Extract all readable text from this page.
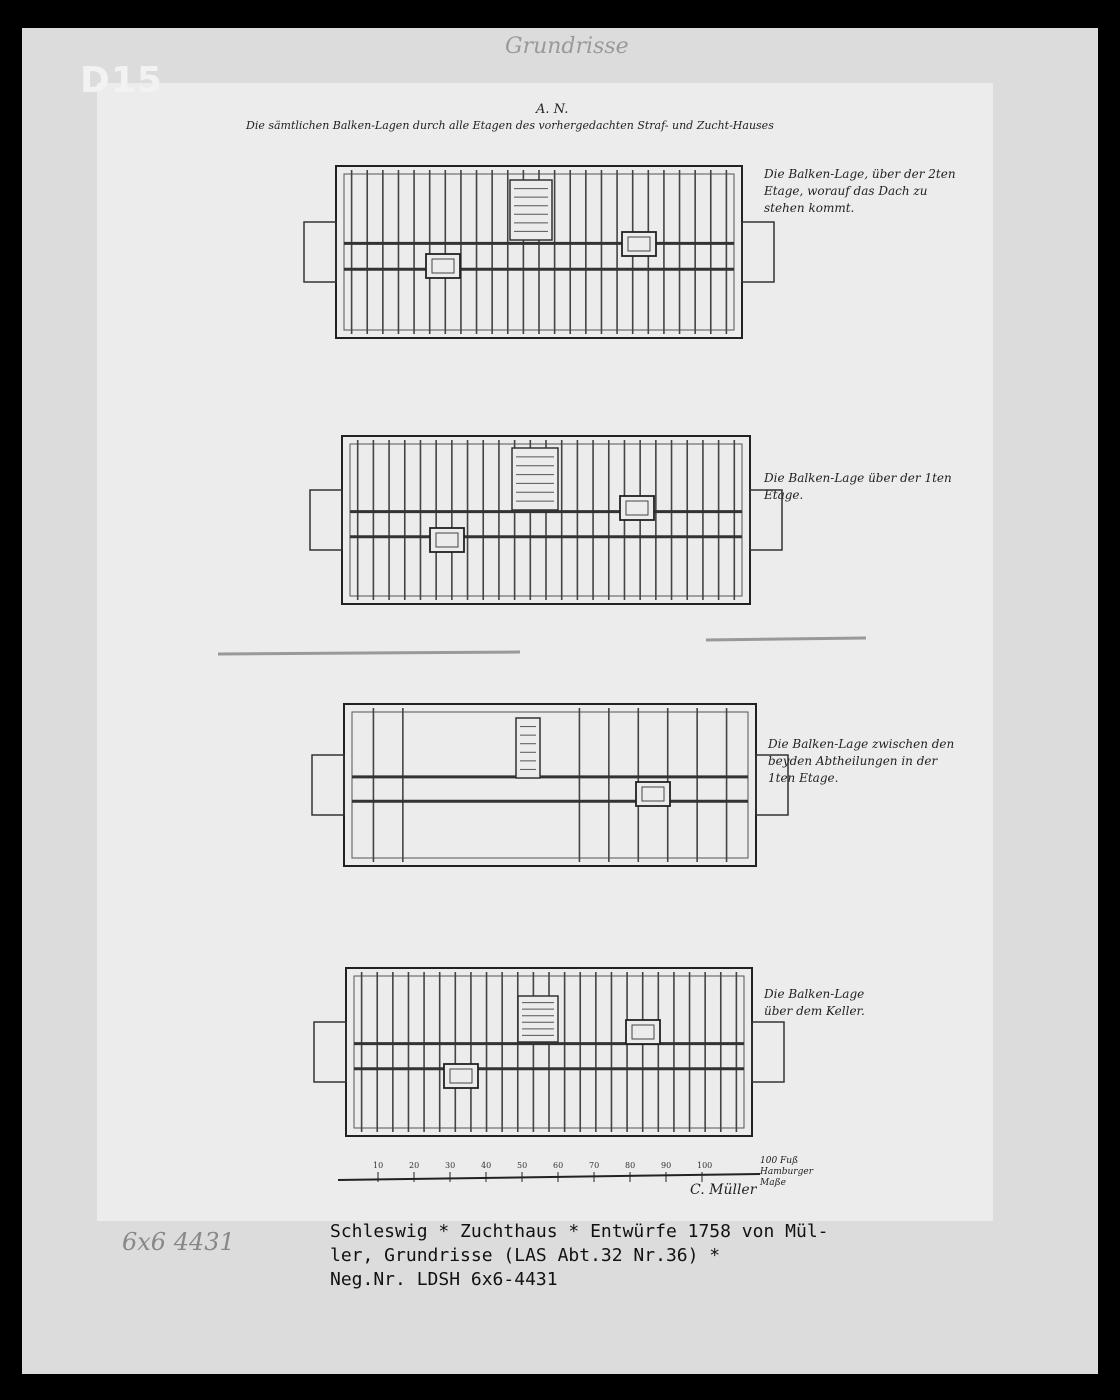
D15
Grundrisse
6x6 4431
A. N.
Die sämtlichen Balken-Lagen durch alle Etagen des vorhergedachten Straf- und Zucht-Hauses
Die Balken-Lage, über der 2ten Etage, worauf das Dach zu stehen kommt.
Die Balken-Lage über der 1ten Etage.
Die Balken-Lage zwischen den beyden Abtheilungen in der 1ten Etage.
Die Balken-Lage über dem Keller.
10	20	30	40	50	60	70	80	90	100	100 Fuß Hamburger Maße
C. Müller
Schleswig * Zuchthaus * Entwürfe 1758 von Mül-
ler, Grundrisse (LAS Abt.32 Nr.36) *
Neg.Nr. LDSH 6x6-4431
